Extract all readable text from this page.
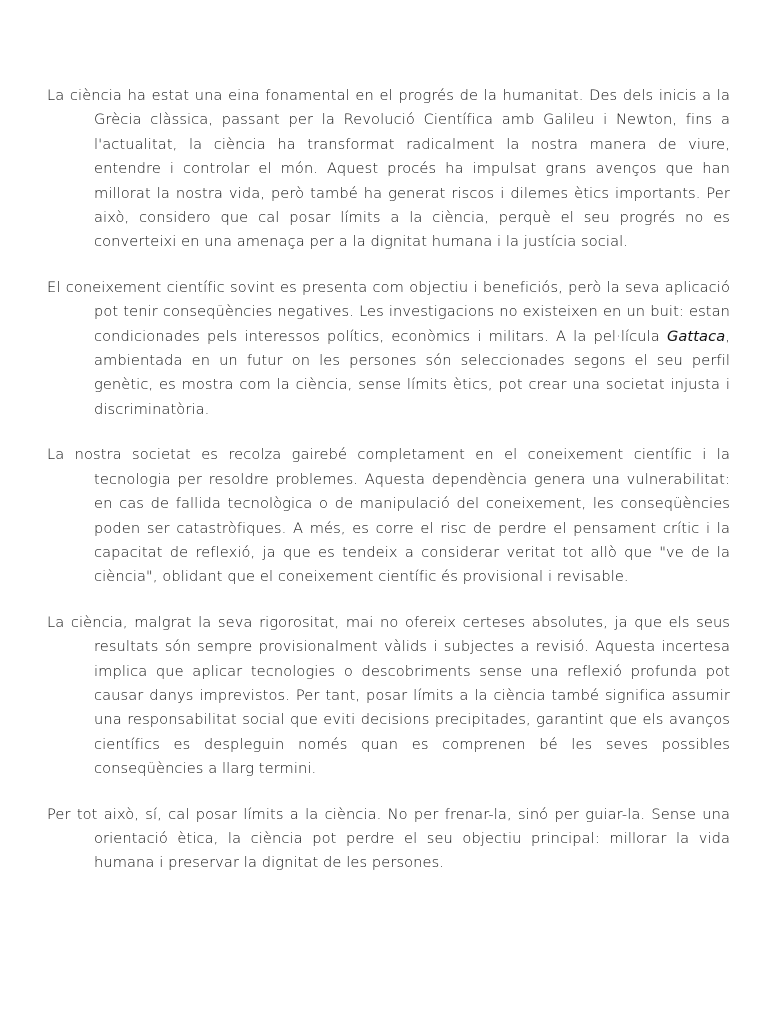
La ciència ha estat una eina fonamental en el progrés de la humanitat. Des dels inicis a la Grècia clàssica, passant per la Revolució Científica amb Galileu i Newton, fins a l'actualitat, la ciència ha transformat radicalment la nostra manera de viure, entendre i controlar el món. Aquest procés ha impulsat grans avenços que han millorat la nostra vida, però també ha generat riscos i dilemes ètics importants. Per això, considero que cal posar límits a la ciència, perquè el seu progrés no es converteixi en una amenaça per a la dignitat humana i la justícia social.

El coneixement científic sovint es presenta com objectiu i beneficiós, però la seva aplicació pot tenir conseqüències negatives. Les investigacions no existeixen en un buit: estan condicionades pels interessos polítics, econòmics i militars. A la pel·lícula Gattaca, ambientada en un futur on les persones són seleccionades segons el seu perfil genètic, es mostra com la ciència, sense límits ètics, pot crear una societat injusta i discriminatòria.

La nostra societat es recolza gairebé completament en el coneixement científic i la tecnologia per resoldre problemes. Aquesta dependència genera una vulnerabilitat: en cas de fallida tecnològica o de manipulació del coneixement, les conseqüències poden ser catastròfiques. A més, es corre el risc de perdre el pensament crític i la capacitat de reflexió, ja que es tendeix a considerar veritat tot allò que "ve de la ciència", oblidant que el coneixement científic és provisional i revisable.

La ciència, malgrat la seva rigorositat, mai no ofereix certeses absolutes, ja que els seus resultats són sempre provisionalment vàlids i subjectes a revisió. Aquesta incertesa implica que aplicar tecnologies o descobriments sense una reflexió profunda pot causar danys imprevistos. Per tant, posar límits a la ciència també significa assumir una responsabilitat social que eviti decisions precipitades, garantint que els avanços científics es despleguin només quan es comprenen bé les seves possibles conseqüències a llarg termini.

Per tot això, sí, cal posar límits a la ciència. No per frenar-la, sinó per guiar-la. Sense una orientació ètica, la ciència pot perdre el seu objectiu principal: millorar la vida humana i preservar la dignitat de les persones.
